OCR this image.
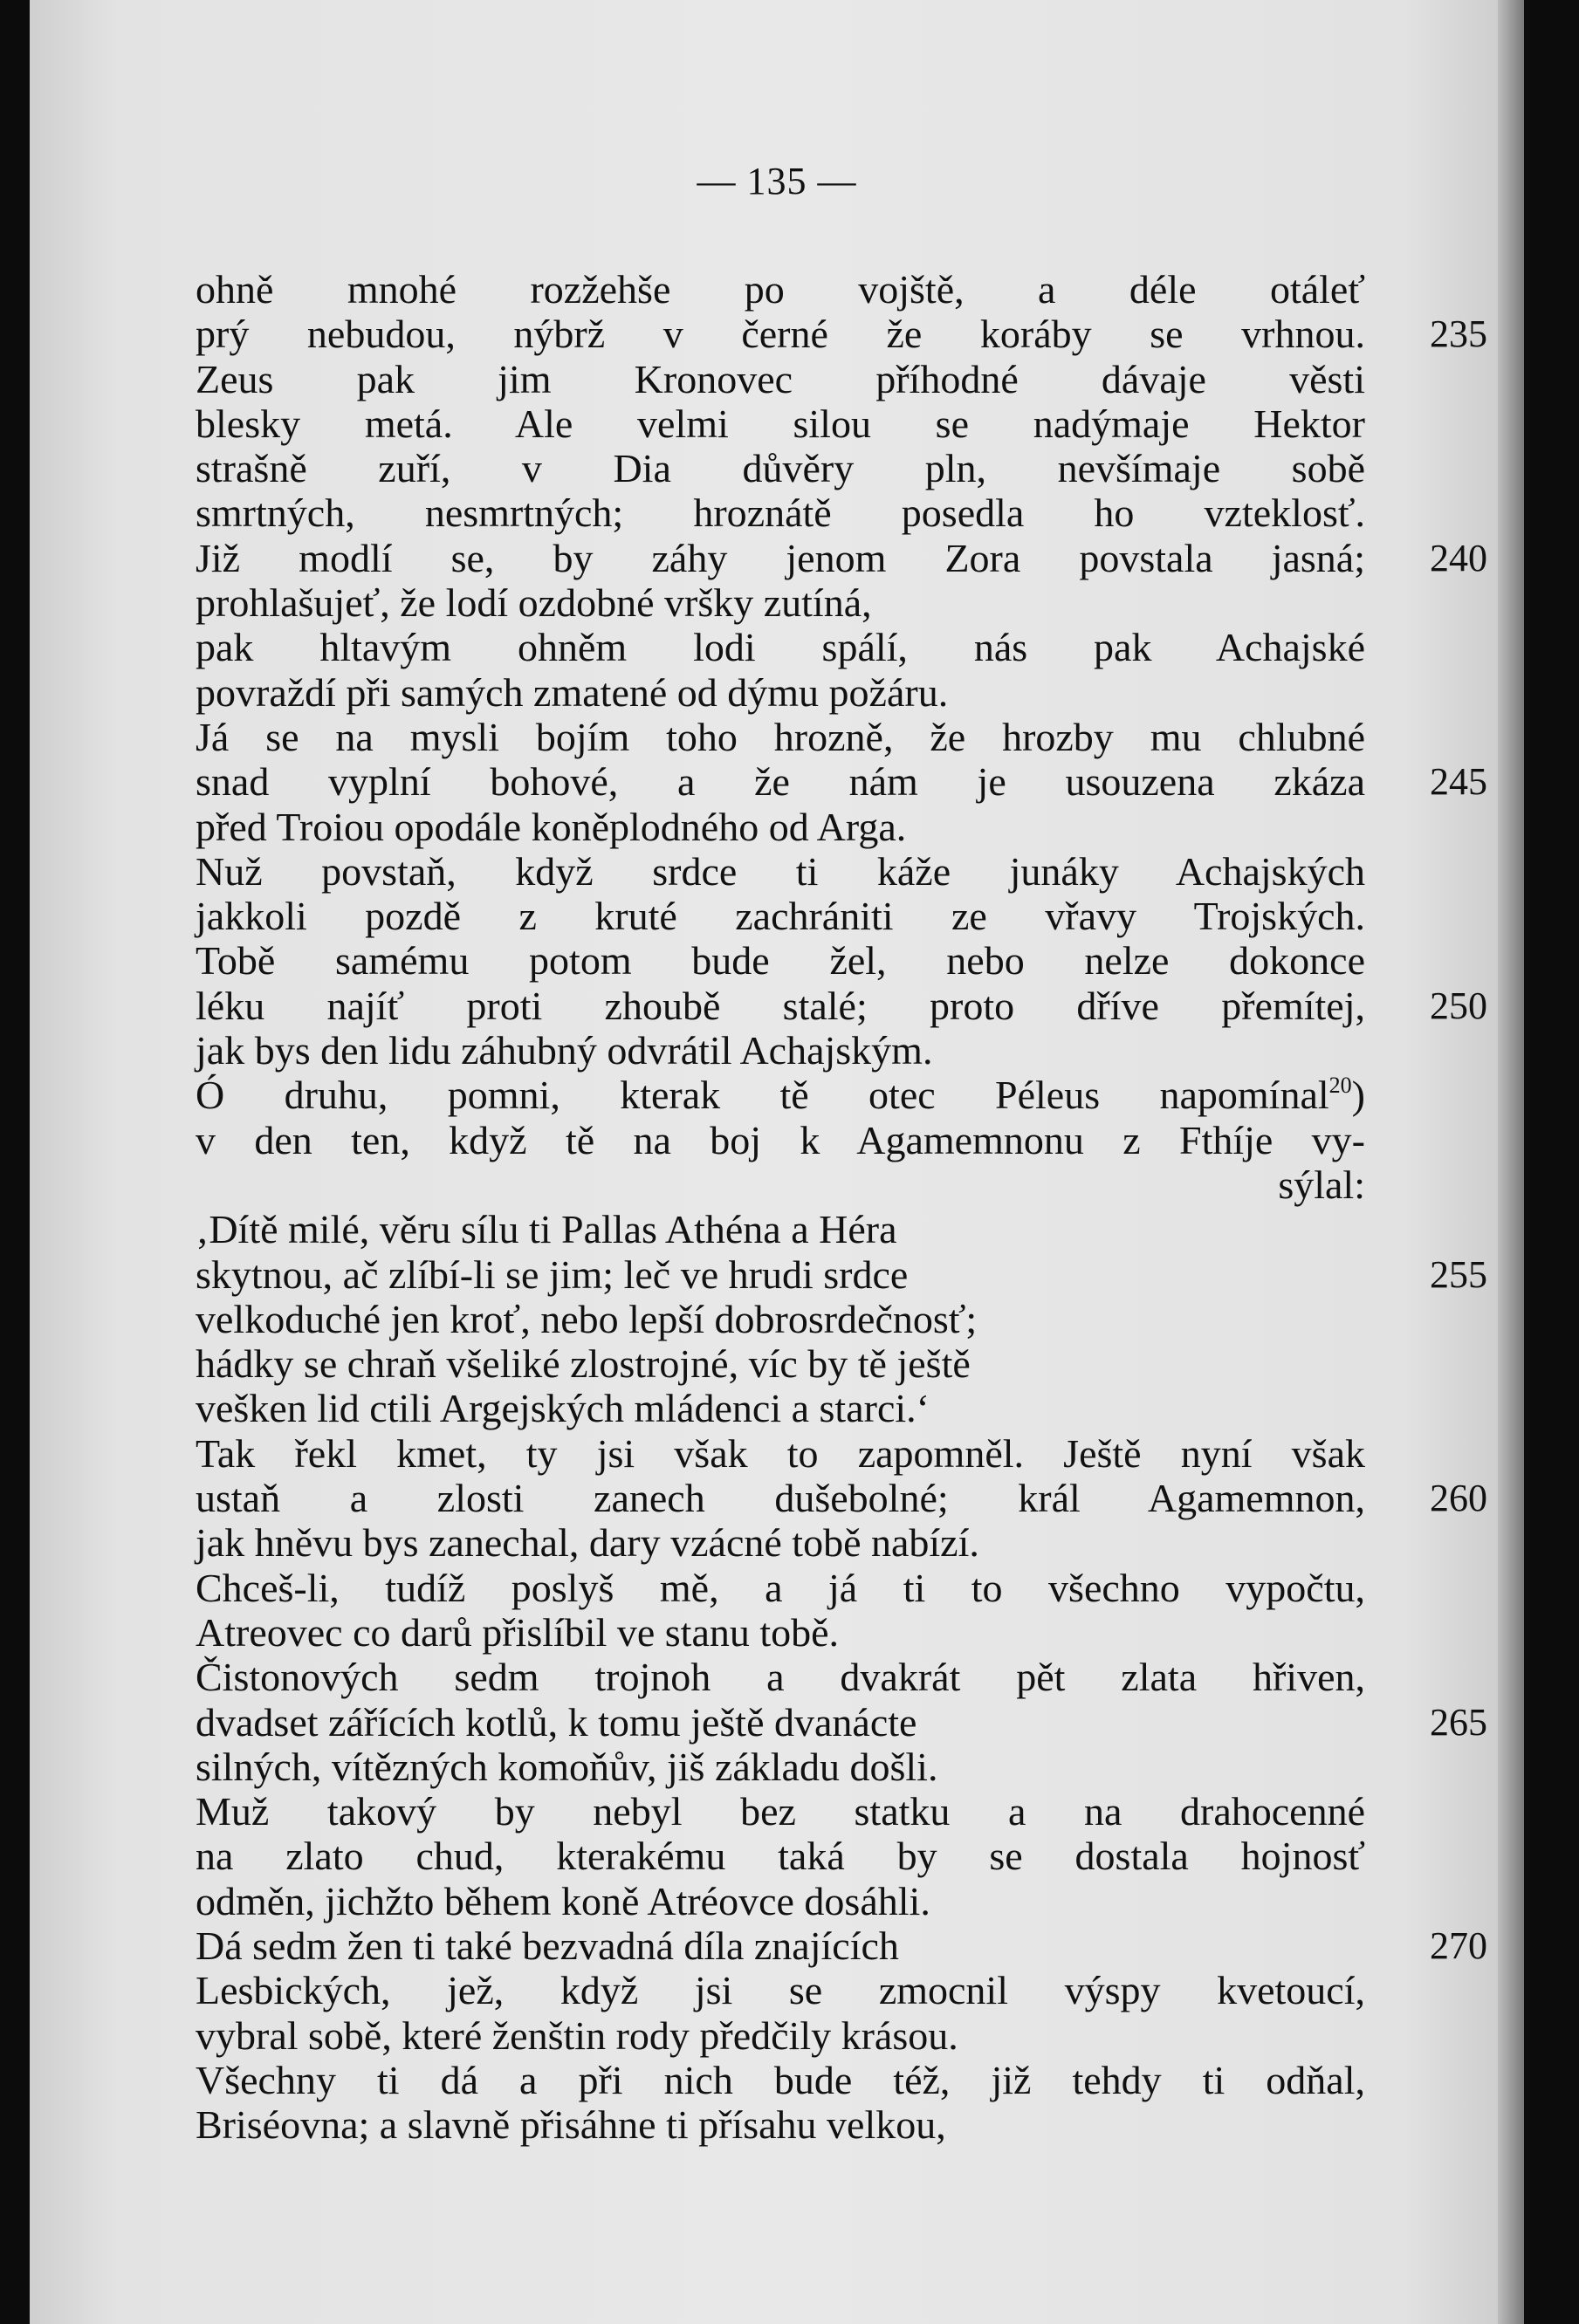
— 135 —
ohně mnohé rozžehše po vojště, a déle otáleť
prý nebudou, nýbrž v černé že koráby se vrhnou.	235
Zeus pak jim Kronovec příhodné dávaje věsti
blesky metá. Ale velmi silou se nadýmaje Hektor
strašně zuří, v Dia důvěry pln, nevšímaje sobě
smrtných, nesmrtných; hroznátě posedla ho vzteklosť.
Již modlí se, by záhy jenom Zora povstala jasná;	240
prohlašujeť, že lodí ozdobné vršky zutíná,
pak hltavým ohněm lodi spálí, nás pak Achajské
povraždí při samých zmatené od dýmu požáru.
Já se na mysli bojím toho hrozně, že hrozby mu chlubné
snad vyplní bohové, a že nám je usouzena zkáza	245
před Troiou opodále koněplodného od Arga.
Nuž povstaň, když srdce ti káže junáky Achajských
jakkoli pozdě z kruté zachrániti ze vřavy Trojských.
Tobě samému potom bude žel, nebo nelze dokonce
léku najíť proti zhoubě stalé; proto dříve přemítej,	250
jak bys den lidu záhubný odvrátil Achajským.
Ó druhu, pomni, kterak tě otec Péleus napomínal$^{20}$)
v den ten, když tě na boj k Agamemnonu z Fthíje vy-
sýlal:
‚Dítě milé, věru sílu ti Pallas Athéna a Héra
skytnou, ač zlíbí-li se jim; leč ve hrudi srdce	255
velkoduché jen kroť, nebo lepší dobrosrdečnosť;
hádky se chraň všeliké zlostrojné, víc by tě ještě
vešken lid ctili Argejských mládenci a starci.‘
Tak řekl kmet, ty jsi však to zapomněl. Ještě nyní však
ustaň a zlosti zanech dušebolné; král Agamemnon,	260
jak hněvu bys zanechal, dary vzácné tobě nabízí.
Chceš-li, tudíž poslyš mě, a já ti to všechno vypočtu,
Atreovec co darů přislíbil ve stanu tobě.
Čistonových sedm trojnoh a dvakrát pět zlata hřiven,
dvadset zářících kotlů, k tomu ještě dvanácte	265
silných, vítězných komoňův, jiš základu došli.
Muž takový by nebyl bez statku a na drahocenné
na zlato chud, kterakému taká by se dostala hojnosť
odměn, jichžto během koně Atréovce dosáhli.
Dá sedm žen ti také bezvadná díla znajících	270
Lesbických, jež, když jsi se zmocnil výspy kvetoucí,
vybral sobě, které ženštin rody předčily krásou.
Všechny ti dá a při nich bude též, již tehdy ti odňal,
Briséovna; a slavně přisáhne ti přísahu velkou,
